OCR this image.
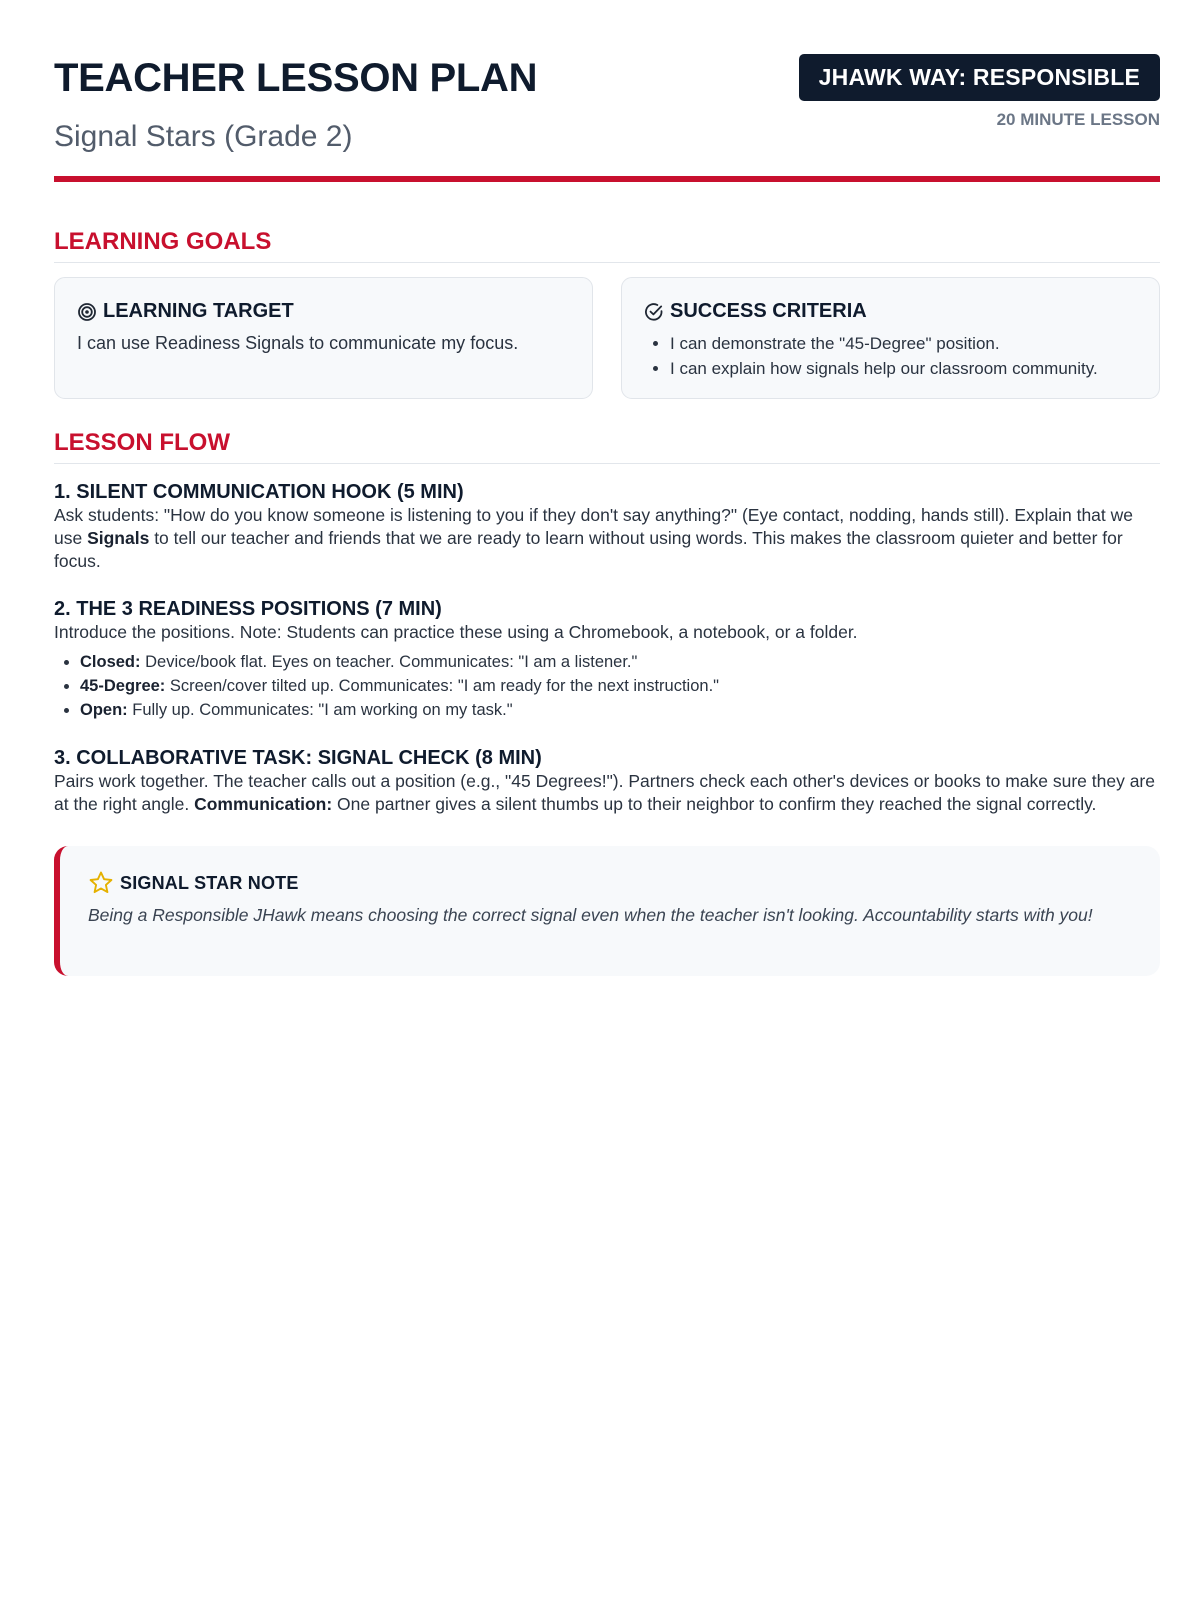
TEACHER LESSON PLAN
Signal Stars (Grade 2)
JHAWK WAY: RESPONSIBLE
20 MINUTE LESSON
LEARNING GOALS
LEARNING TARGET

I can use Readiness Signals to communicate my focus.

SUCCESS CRITERIA
• I can demonstrate the "45-Degree" position.
• I can explain how signals help our classroom community.
LESSON FLOW
1. SILENT COMMUNICATION HOOK (5 MIN)

Ask students: "How do you know someone is listening to you if they don't say anything?" (Eye contact, nodding, hands still). Explain that we use Signals to tell our teacher and friends that we are ready to learn without using words. This makes the classroom quieter and better for focus.

2. THE 3 READINESS POSITIONS (7 MIN)

Introduce the positions. Note: Students can practice these using a Chromebook, a notebook, or a folder.

• Closed: Device/book flat. Eyes on teacher. Communicates: "I am a listener."
• 45-Degree: Screen/cover tilted up. Communicates: "I am ready for the next instruction."
• Open: Fully up. Communicates: "I am working on my task."
3. COLLABORATIVE TASK: SIGNAL CHECK (8 MIN)

Pairs work together. The teacher calls out a position (e.g., "45 Degrees!"). Partners check each other's devices or books to make sure they are at the right angle. Communication: One partner gives a silent thumbs up to their neighbor to confirm they reached the signal correctly.

SIGNAL STAR NOTE

Being a Responsible JHawk means choosing the correct signal even when the teacher isn't looking. Accountability starts with you!
